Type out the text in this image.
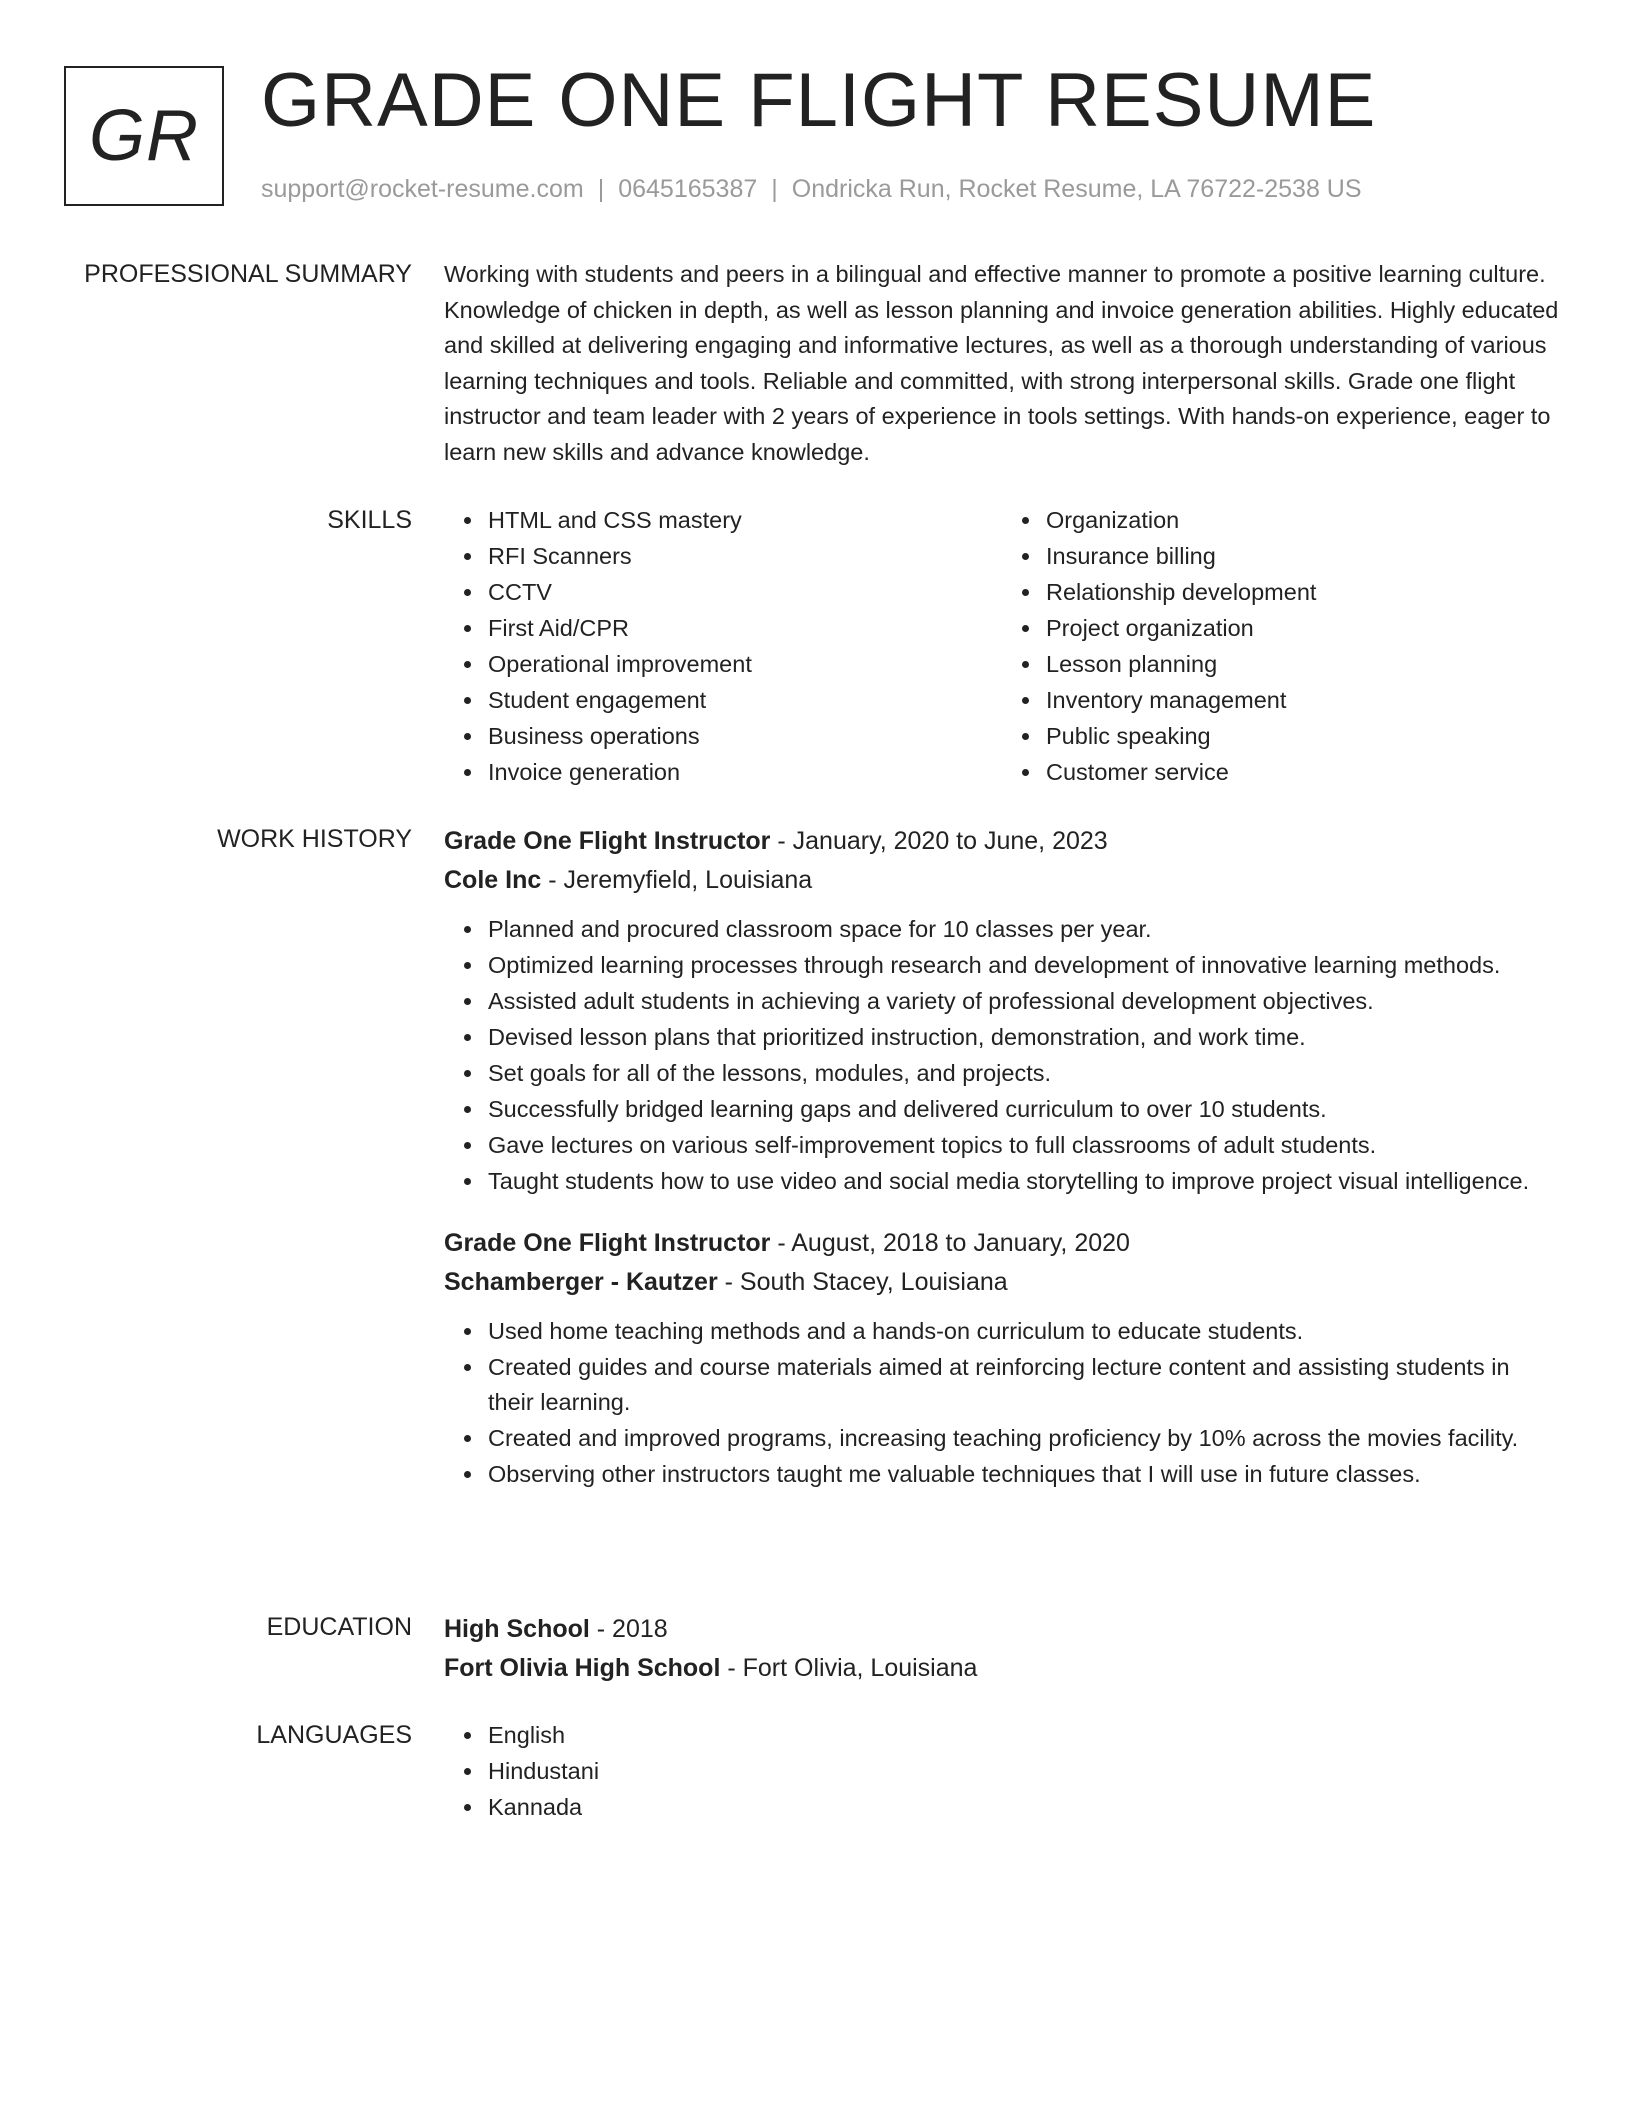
GR GRADE ONE FLIGHT RESUME
support@rocket-resume.com | 0645165387 | Ondricka Run, Rocket Resume, LA 76722-2538 US
PROFESSIONAL SUMMARY Working with students and peers in a bilingual and effective manner to promote a positive learning culture. Knowledge of chicken in depth, as well as lesson planning and invoice generation abilities. Highly educated and skilled at delivering engaging and informative lectures, as well as a thorough understanding of various learning techniques and tools. Reliable and committed, with strong interpersonal skills. Grade one flight instructor and team leader with 2 years of experience in tools settings. With hands-on experience, eager to learn new skills and advance knowledge.

SKILLS	HTML and CSS mastery
RFI Scanners
CCTV
First Aid/CPR
Operational improvement
Student engagement
Business operations
Invoice generation
Organization
Insurance billing
Relationship development
Project organization
Lesson planning
Inventory management
Public speaking
Customer service
WORK HISTORY Grade One Flight Instructor - January, 2020 to June, 2023
Cole Inc - Jeremyfield, Louisiana
Planned and procured classroom space for 10 classes per year.
Optimized learning processes through research and development of innovative learning methods.
Assisted adult students in achieving a variety of professional development objectives.
Devised lesson plans that prioritized instruction, demonstration, and work time.
Set goals for all of the lessons, modules, and projects.
Successfully bridged learning gaps and delivered curriculum to over 10 students.
Gave lectures on various self-improvement topics to full classrooms of adult students.
Taught students how to use video and social media storytelling to improve project visual intelligence.
Grade One Flight Instructor - August, 2018 to January, 2020
Schamberger - Kautzer - South Stacey, Louisiana
Used home teaching methods and a hands-on curriculum to educate students.
Created guides and course materials aimed at reinforcing lecture content and assisting students in their learning.
Created and improved programs, increasing teaching proficiency by 10% across the movies facility.
Observing other instructors taught me valuable techniques that I will use in future classes.
EDUCATION High School - 2018
Fort Olivia High School - Fort Olivia, Louisiana
LANGUAGES	English
Hindustani
Kannada
